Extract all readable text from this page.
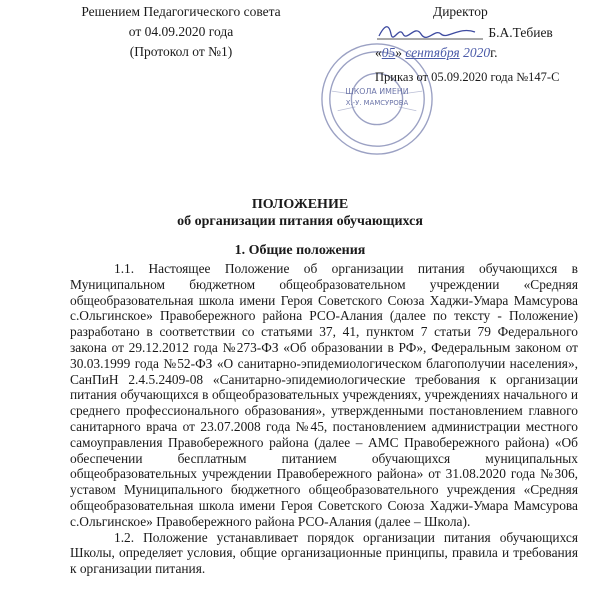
Решением Педагогического совета
от 04.09.2020 года
(Протокол от №1)
ШКОЛА ИМЕНИ
Х.-У. МАМСУРОВА
Директор
Б.А.Тебиев
«05» сентября 2020г.
Приказ от 05.09.2020 года №147-С
ПОЛОЖЕНИЕ
об организации питания обучающихся
1. Общие положения

1.1. Настоящее Положение об организации питания обучающихся в Муниципальном бюджетном общеобразовательном учреждении «Средняя общеобразовательная школа имени Героя Советского Союза Хаджи-Умара Мамсурова с.Ольгинское» Правобережного района РСО-Алания (далее по тексту - Положение) разработано в соответствии со статьями 37, 41, пунктом 7 статьи 79 Федерального закона от 29.12.2012 года №273-ФЗ «Об образовании в РФ», Федеральным законом от 30.03.1999 года №52-ФЗ «О санитарно-эпидемиологическом благополучии населения», СанПиН 2.4.5.2409-08 «Санитарно-эпидемиологические требования к организации питания обучающихся в общеобразовательных учреждениях, учреждениях начального и среднего профессионального образования», утвержденными постановлением главного санитарного врача от 23.07.2008 года №45, постановлением администрации местного самоуправления Правобережного района (далее – АМС Правобережного района) «Об обеспечении бесплатным питанием обучающихся муниципальных общеобразовательных учреждении Правобережного района» от 31.08.2020 года №306, уставом Муниципального бюджетного общеобразовательного учреждения «Средняя общеобразовательная школа имени Героя Советского Союза Хаджи-Умара Мамсурова с.Ольгинское» Правобережного района РСО-Алания (далее – Школа).

1.2. Положение устанавливает порядок организации питания обучающихся Школы, определяет условия, общие организационные принципы, правила и требования к организации питания.
